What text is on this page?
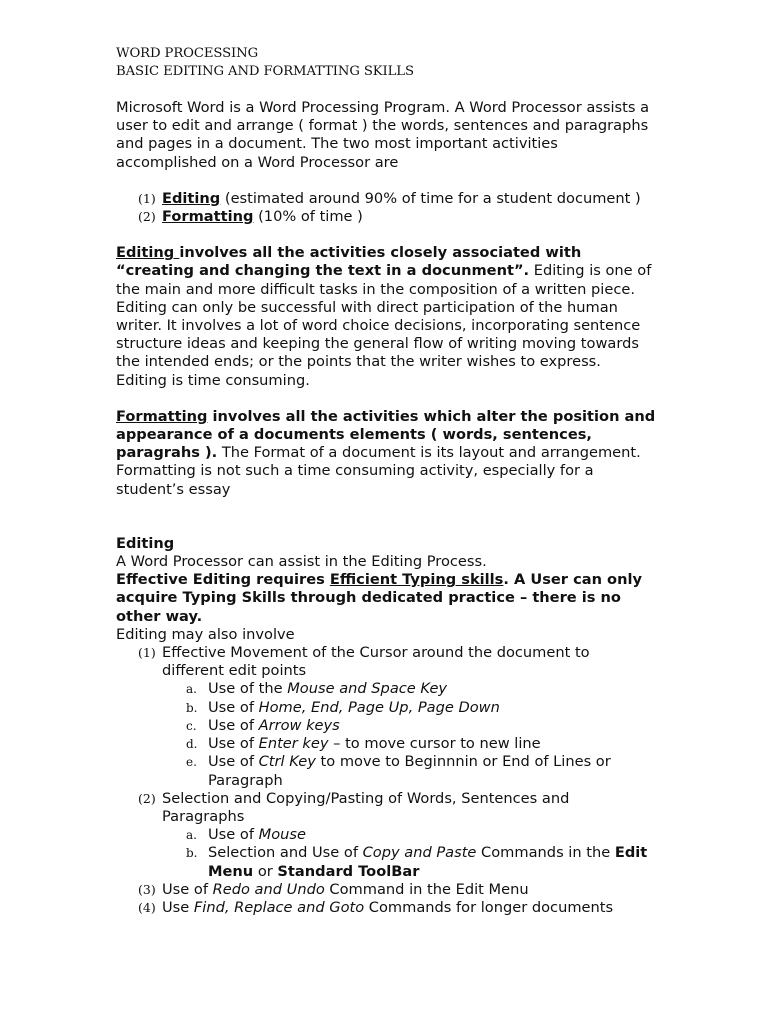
WORD PROCESSING
BASIC EDITING AND FORMATTING SKILLS

Microsoft Word is a Word Processing Program. A Word Processor assists a user to edit and arrange ( format ) the words, sentences and paragraphs and pages in a document. The two most important activities accomplished on a Word Processor are

(1) Editing (estimated around 90% of time for a student document )
(2) Formatting (10% of time )

Editing involves all the activities closely associated with “creating and changing the text in a docunment”. Editing is one of the main and more difficult tasks in the composition of a written piece. Editing can only be successful with direct participation of the human writer. It involves a lot of word choice decisions, incorporating sentence structure ideas and keeping the general flow of writing moving towards the intended ends; or the points that the writer wishes to express. Editing is time consuming.

Formatting involves all the activities which alter the position and appearance of a documents elements ( words, sentences, paragrahs ). The Format of a document is its layout and arrangement. Formatting is not such a time consuming activity, especially for a student’s essay

Editing
A Word Processor can assist in the Editing Process.
Effective Editing requires Efficient Typing skills. A User can only acquire Typing Skills through dedicated practice – there is no other way.
Editing may also involve
(1) Effective Movement of the Cursor around the document to different edit points
a. Use of the Mouse and Space Key
b. Use of Home, End, Page Up, Page Down
c. Use of Arrow keys
d. Use of Enter key – to move cursor to new line
e. Use of Ctrl Key to move to Beginnnin or End of Lines or Paragraph
(2) Selection and Copying/Pasting of Words, Sentences and Paragraphs
a. Use of Mouse
b. Selection and Use of Copy and Paste Commands in the Edit Menu or Standard ToolBar
(3) Use of Redo and Undo Command in the Edit Menu
(4) Use Find, Replace and Goto Commands for longer documents
